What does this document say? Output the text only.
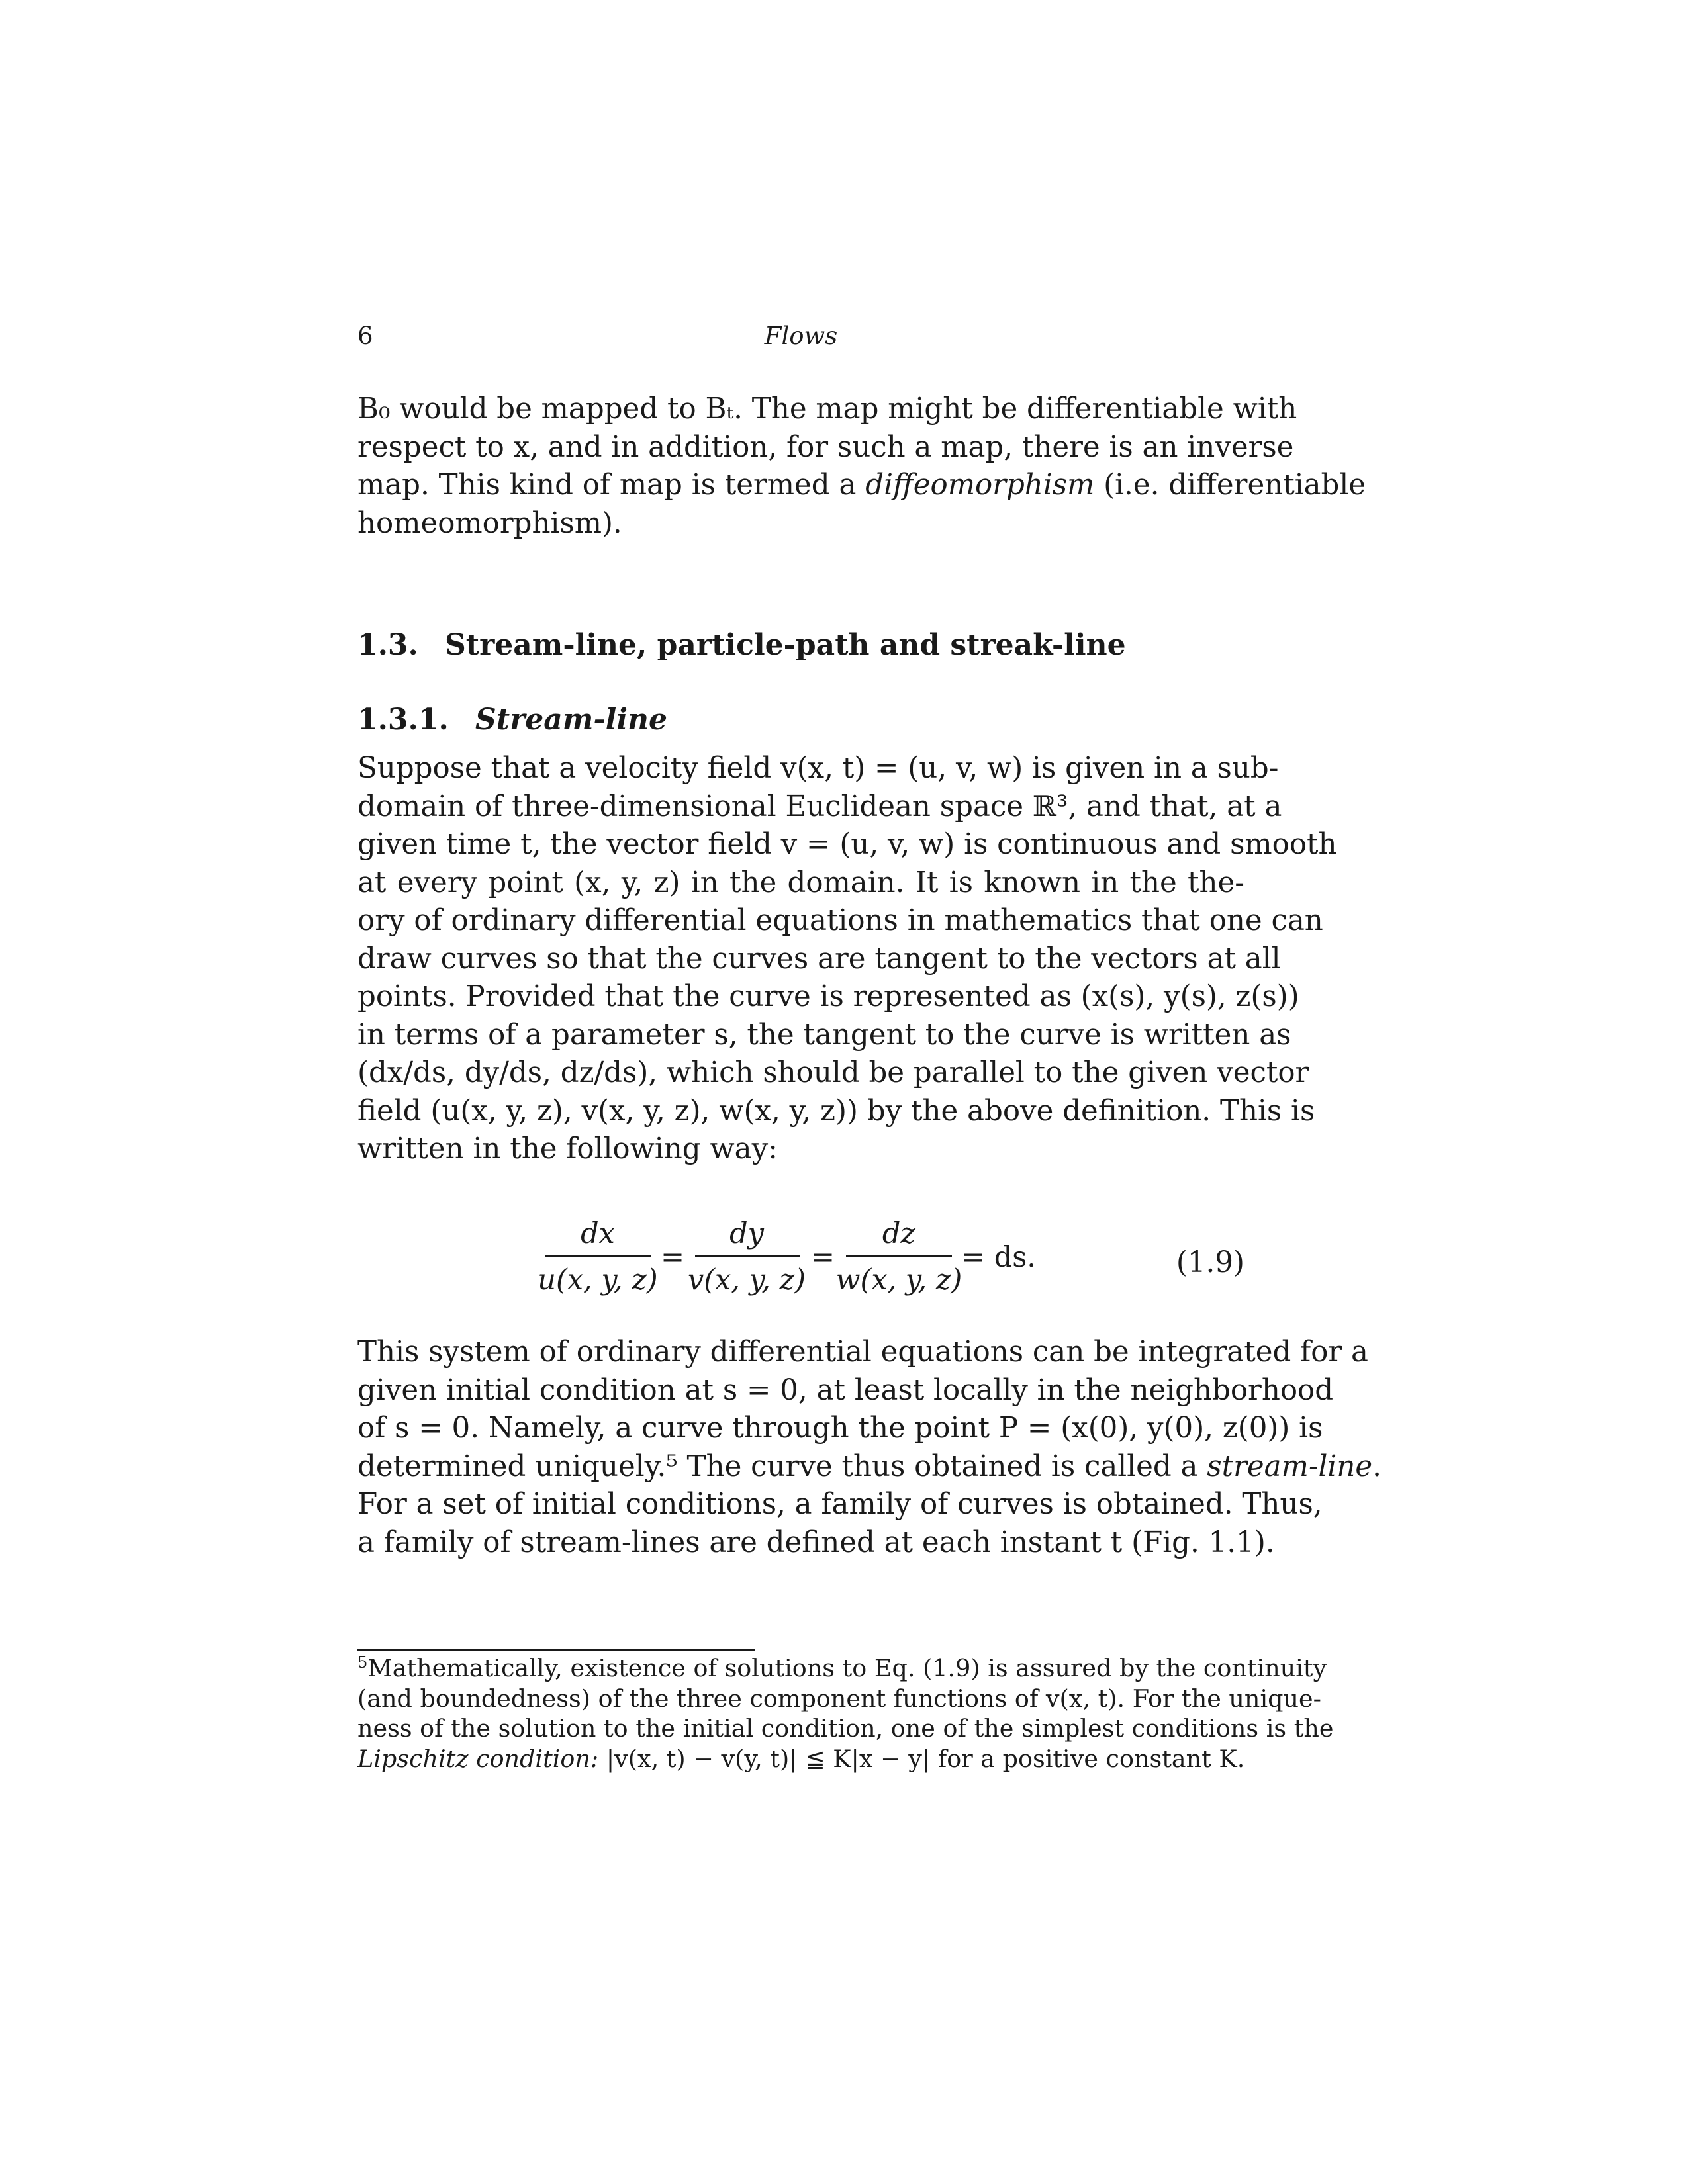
6	Flows
B₀ would be mapped to Bₜ. The map might be differentiable with
respect to x, and in addition, for such a map, there is an inverse
map. This kind of map is termed a diffeomorphism (i.e. differentiable
homeomorphism).
1.3. Stream-line, particle-path and streak-line
1.3.1. Stream-line
Suppose that a velocity field v(x, t) = (u, v, w) is given in a sub-
domain of three-dimensional Euclidean space ℝ³, and that, at a
given time t, the vector field v = (u, v, w) is continuous and smooth
at every point (x, y, z) in the domain. It is known in the the-
ory of ordinary differential equations in mathematics that one can
draw curves so that the curves are tangent to the vectors at all
points. Provided that the curve is represented as (x(s), y(s), z(s))
in terms of a parameter s, the tangent to the curve is written as
(dx/ds, dy/ds, dz/ds), which should be parallel to the given vector
field (u(x, y, z), v(x, y, z), w(x, y, z)) by the above definition. This is
written in the following way:
dx
u(x, y, z)
=
dy
v(x, y, z)
=
dz
w(x, y, z)
= ds.	(1.9)
This system of ordinary differential equations can be integrated for a
given initial condition at s = 0, at least locally in the neighborhood
of s = 0. Namely, a curve through the point P = (x(0), y(0), z(0)) is
determined uniquely.⁵ The curve thus obtained is called a stream-line.
For a set of initial conditions, a family of curves is obtained. Thus,
a family of stream-lines are defined at each instant t (Fig. 1.1).
$^5$Mathematically, existence of solutions to Eq. (1.9) is assured by the continuity
(and boundedness) of the three component functions of v(x, t). For the unique-
ness of the solution to the initial condition, one of the simplest conditions is the
Lipschitz condition: |v(x, t) − v(y, t)| ≦ K|x − y| for a positive constant K.
